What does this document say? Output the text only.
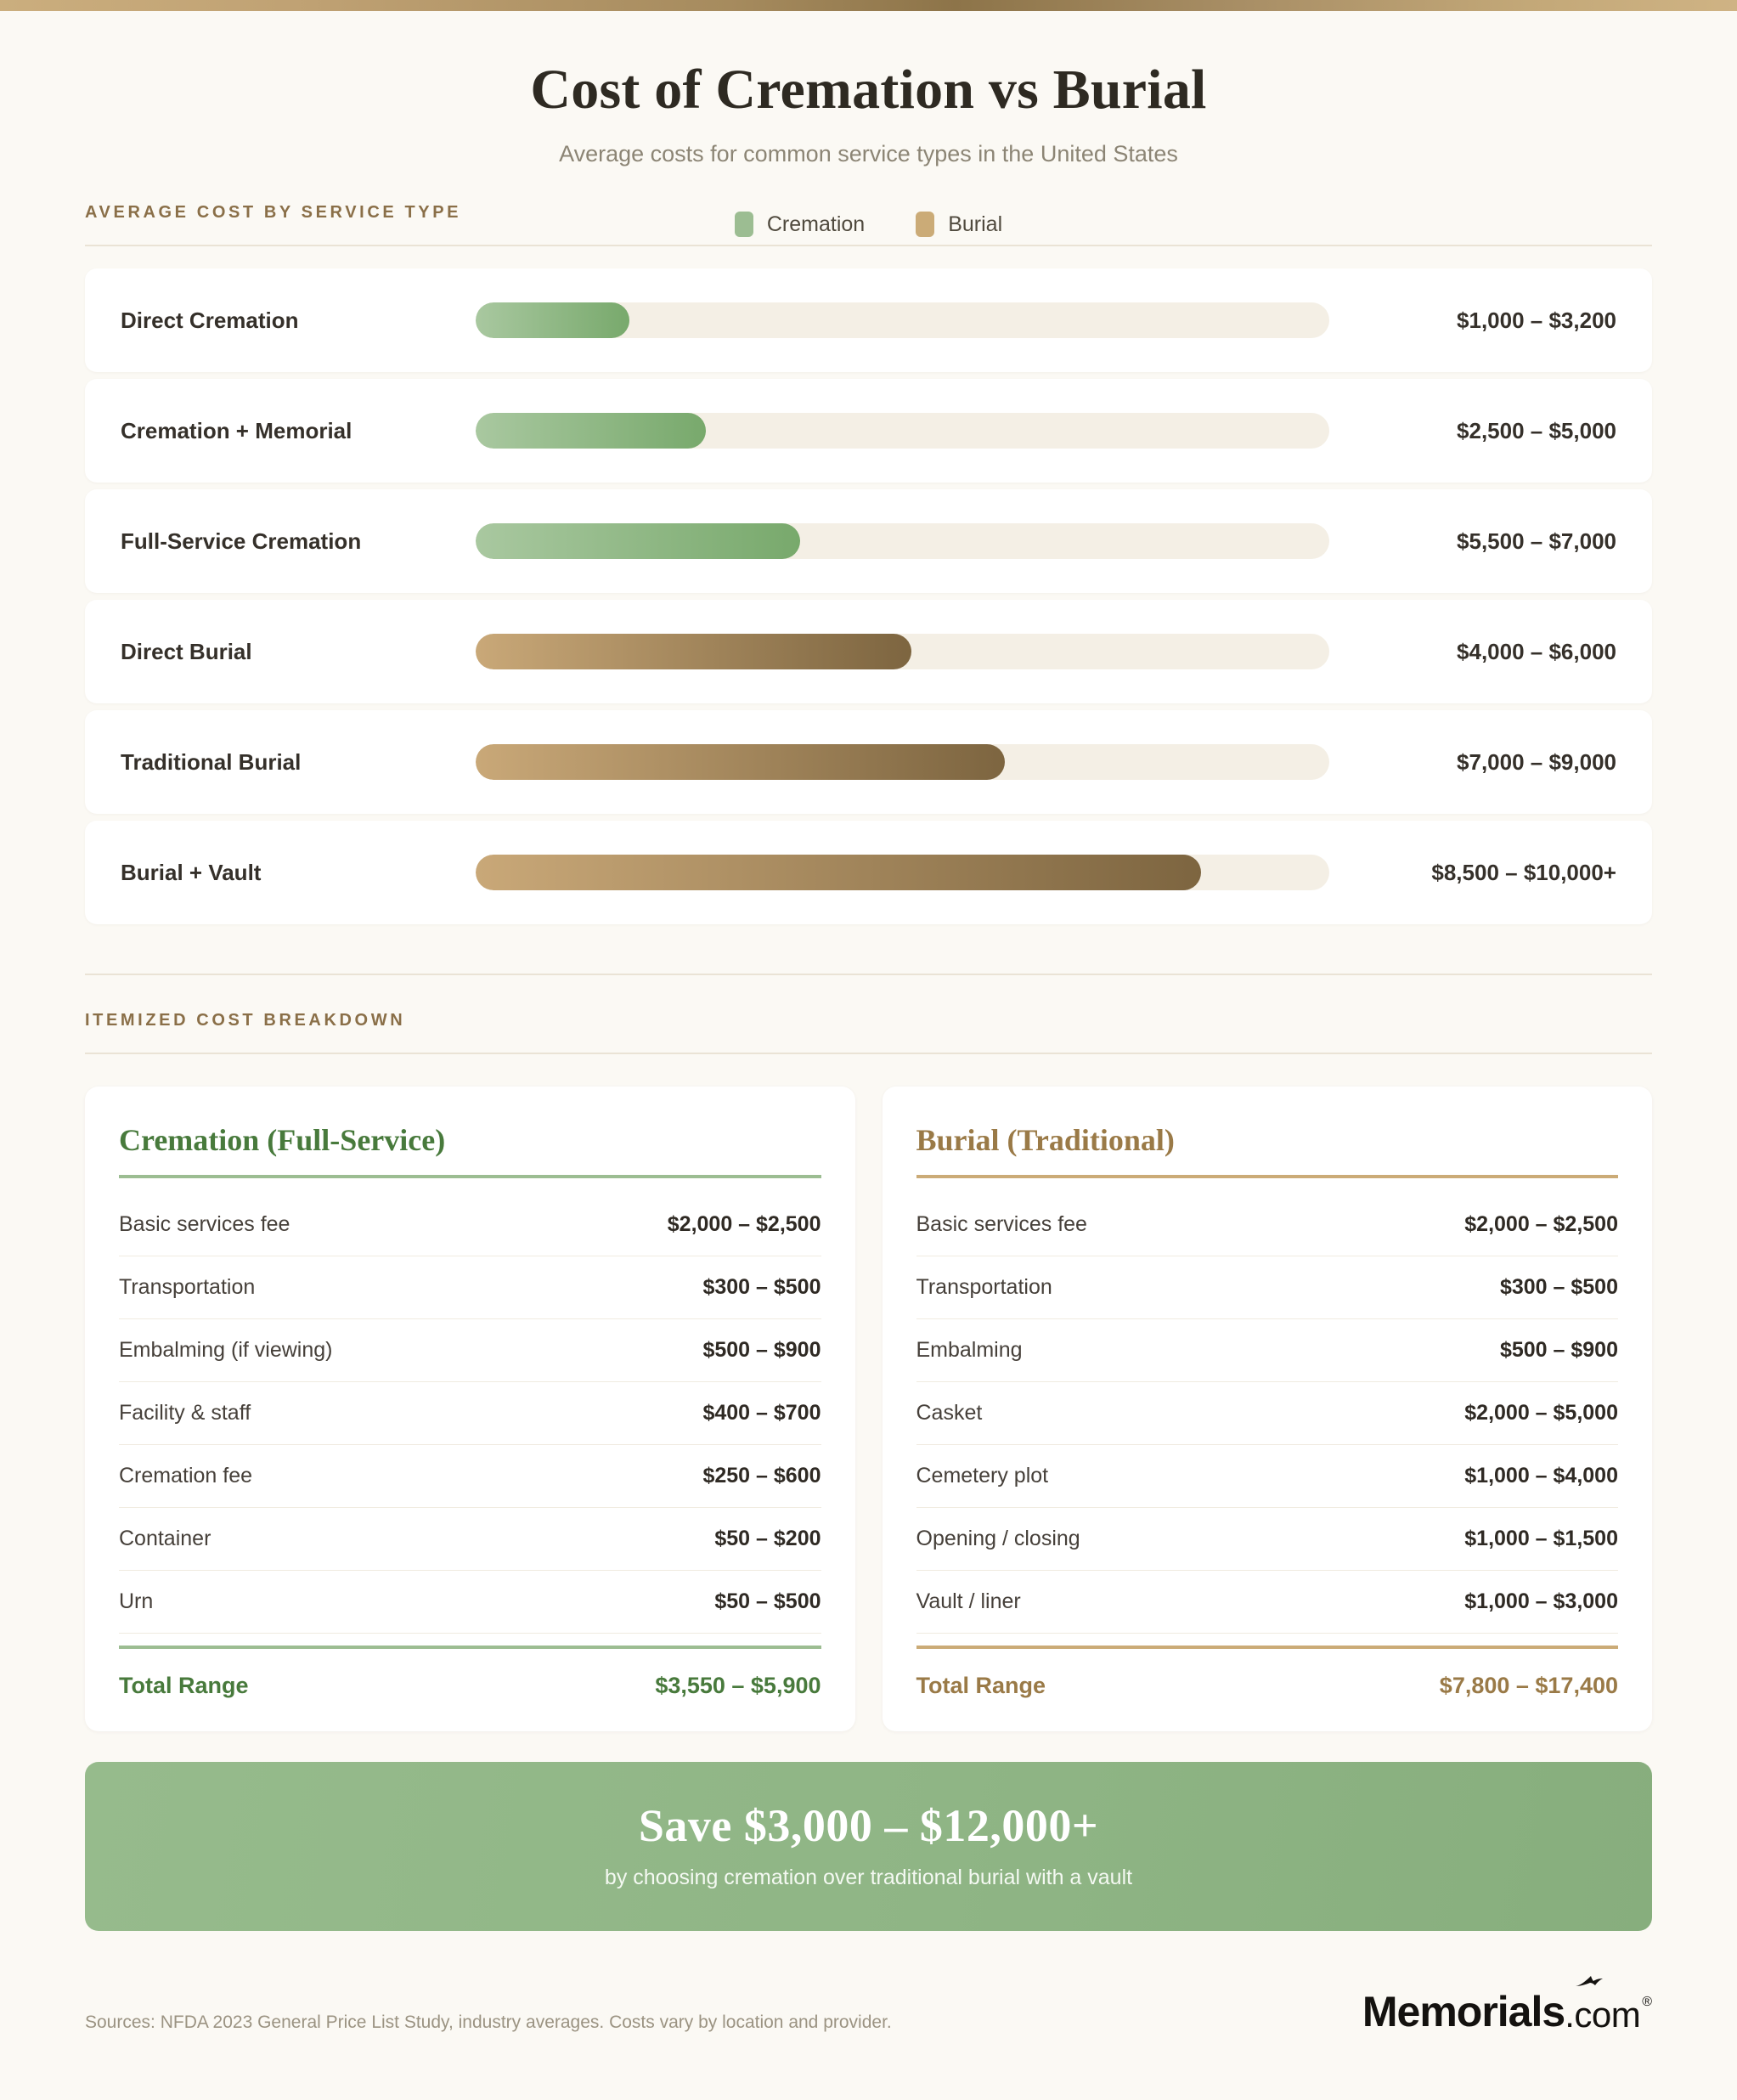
Cost of Cremation vs Burial

Average costs for common service types in the United States

Cremation	Burial
AVERAGE COST BY SERVICE TYPE
Direct Cremation	$1,000 – $3,200
Cremation + Memorial	$2,500 – $5,000
Full-Service Cremation	$5,500 – $7,000
Direct Burial	$4,000 – $6,000
Traditional Burial	$7,000 – $9,000
Burial + Vault	$8,500 – $10,000+
ITEMIZED COST BREAKDOWN
Cremation (Full-Service)
Basic services fee	$2,000 – $2,500
Transportation	$300 – $500
Embalming (if viewing)	$500 – $900
Facility & staff	$400 – $700
Cremation fee	$250 – $600
Container	$50 – $200
Urn	$50 – $500
Total Range	$3,550 – $5,900
Burial (Traditional)
Basic services fee	$2,000 – $2,500
Transportation	$300 – $500
Embalming	$500 – $900
Casket	$2,000 – $5,000
Cemetery plot	$1,000 – $4,000
Opening / closing	$1,000 – $1,500
Vault / liner	$1,000 – $3,000
Total Range	$7,800 – $17,400
Save $3,000 – $12,000+
by choosing cremation over traditional burial with a vault
Sources: NFDA 2023 General Price List Study, industry averages. Costs vary by location and provider.	Memorials .com ®
